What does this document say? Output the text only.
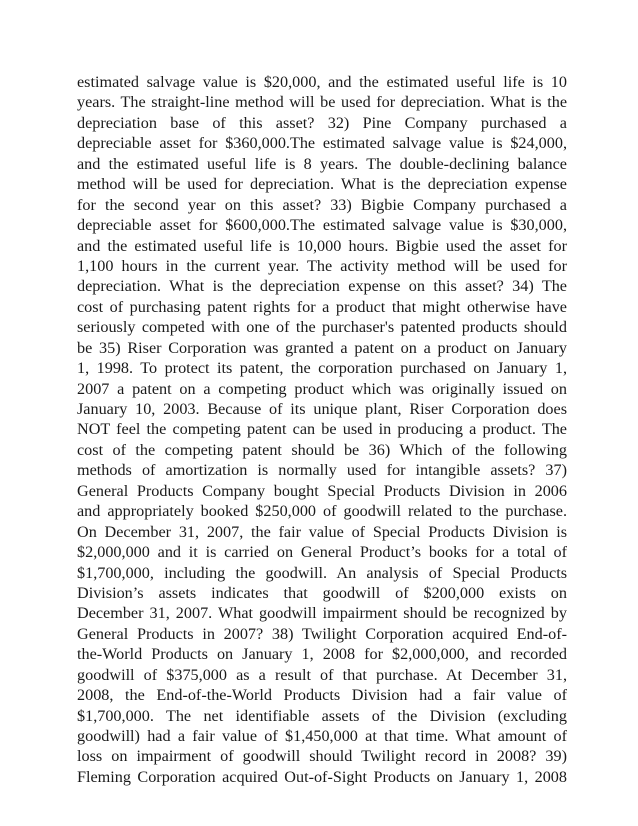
estimated salvage value is $20,000, and the estimated useful life is 10
years. The straight-line method will be used for depreciation. What is the
depreciation base of this asset? 32) Pine Company purchased a
depreciable asset for $360,000.The estimated salvage value is $24,000,
and the estimated useful life is 8 years. The double-declining balance
method will be used for depreciation. What is the depreciation expense
for the second year on this asset? 33) Bigbie Company purchased a
depreciable asset for $600,000.The estimated salvage value is $30,000,
and the estimated useful life is 10,000 hours. Bigbie used the asset for
1,100 hours in the current year. The activity method will be used for
depreciation. What is the depreciation expense on this asset? 34) The
cost of purchasing patent rights for a product that might otherwise have
seriously competed with one of the purchaser's patented products should
be 35) Riser Corporation was granted a patent on a product on January
1, 1998. To protect its patent, the corporation purchased on January 1,
2007 a patent on a competing product which was originally issued on
January 10, 2003. Because of its unique plant, Riser Corporation does
NOT feel the competing patent can be used in producing a product. The
cost of the competing patent should be 36) Which of the following
methods of amortization is normally used for intangible assets? 37)
General Products Company bought Special Products Division in 2006
and appropriately booked $250,000 of goodwill related to the purchase.
On December 31, 2007, the fair value of Special Products Division is
$2,000,000 and it is carried on General Product’s books for a total of
$1,700,000, including the goodwill. An analysis of Special Products
Division’s assets indicates that goodwill of $200,000 exists on
December 31, 2007. What goodwill impairment should be recognized by
General Products in 2007? 38) Twilight Corporation acquired End-of-
the-World Products on January 1, 2008 for $2,000,000, and recorded
goodwill of $375,000 as a result of that purchase. At December 31,
2008, the End-of-the-World Products Division had a fair value of
$1,700,000. The net identifiable assets of the Division (excluding
goodwill) had a fair value of $1,450,000 at that time. What amount of
loss on impairment of goodwill should Twilight record in 2008? 39)
Fleming Corporation acquired Out-of-Sight Products on January 1, 2008
